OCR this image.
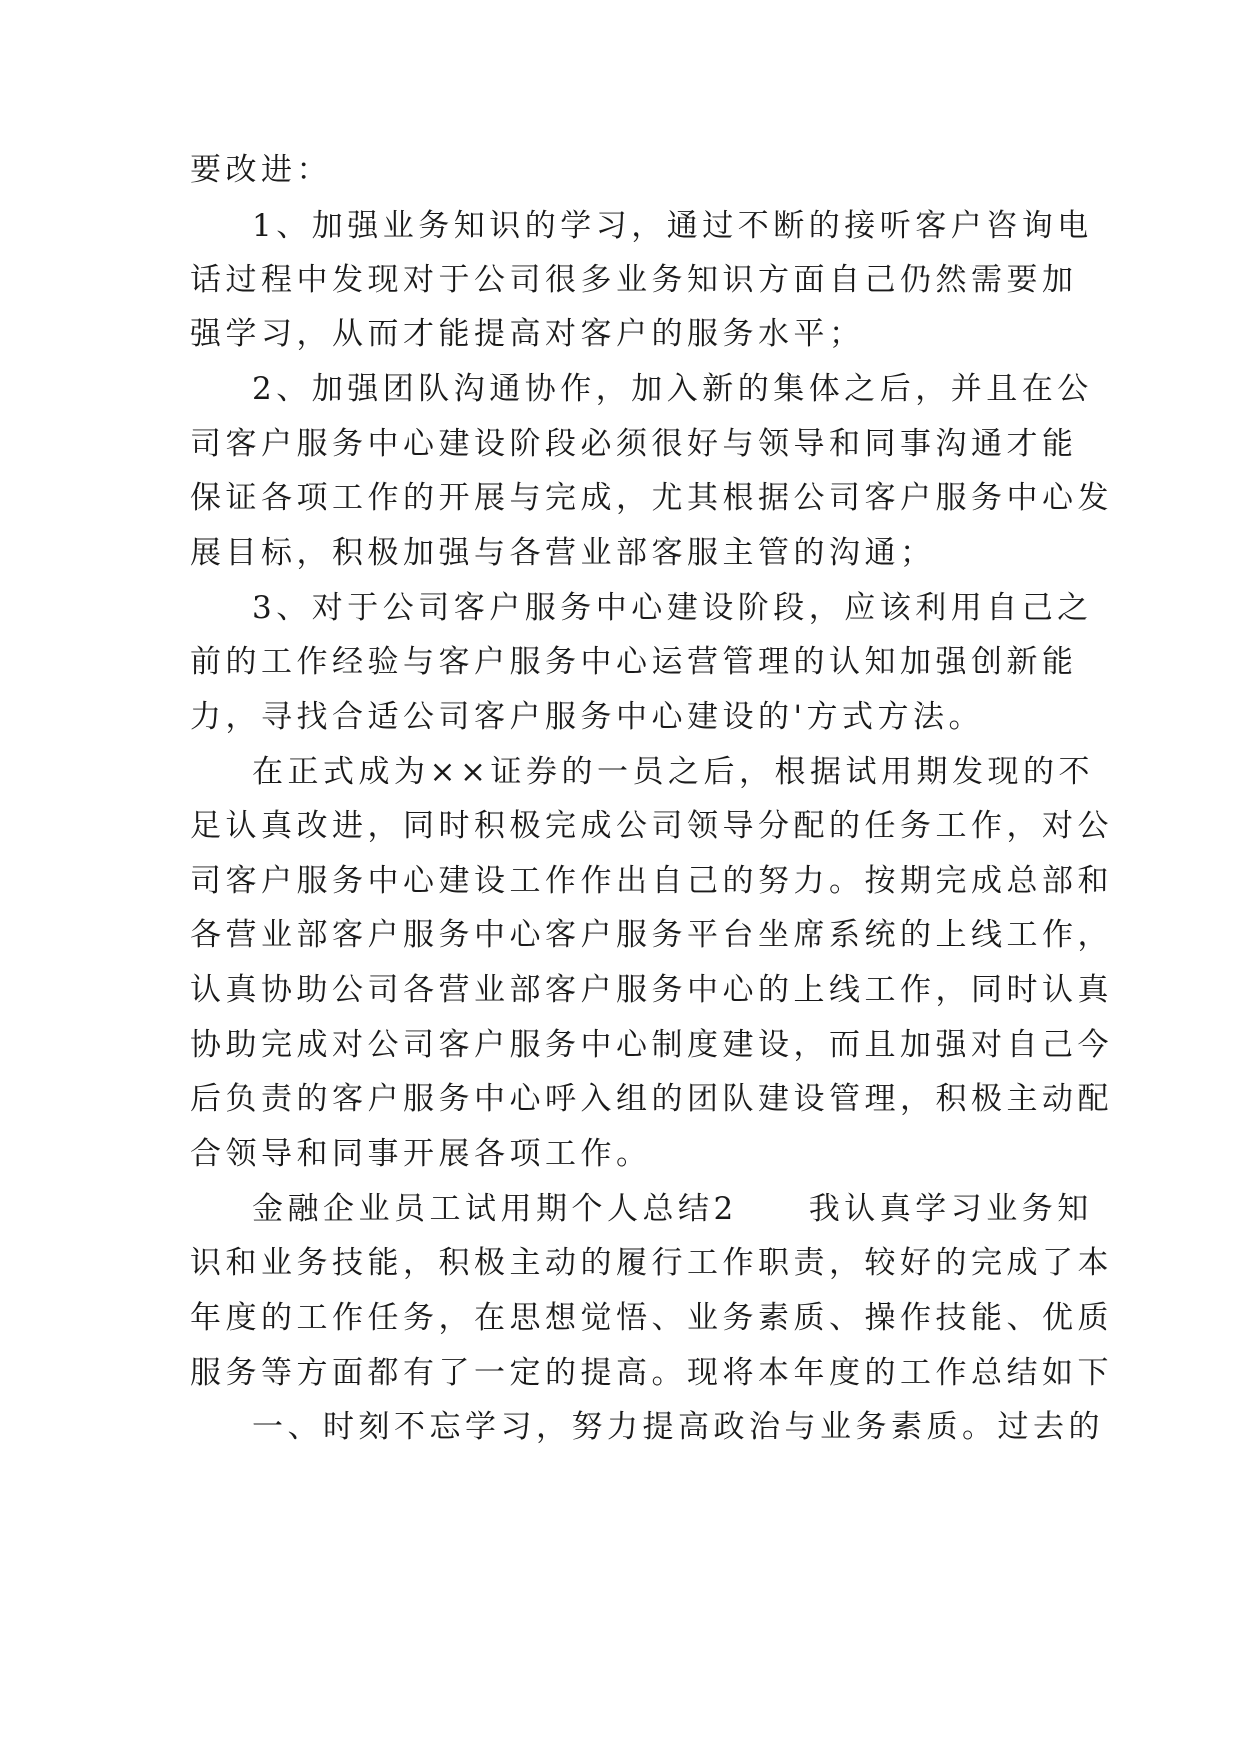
要改进：
1、加强业务知识的学习，通过不断的接听客户咨询电
话过程中发现对于公司很多业务知识方面自己仍然需要加
强学习，从而才能提高对客户的服务水平；
2、加强团队沟通协作，加入新的集体之后，并且在公
司客户服务中心建设阶段必须很好与领导和同事沟通才能
保证各项工作的开展与完成，尤其根据公司客户服务中心发
展目标，积极加强与各营业部客服主管的沟通；
3、对于公司客户服务中心建设阶段，应该利用自己之
前的工作经验与客户服务中心运营管理的认知加强创新能
力，寻找合适公司客户服务中心建设的'方式方法。
在正式成为××证券的一员之后，根据试用期发现的不
足认真改进，同时积极完成公司领导分配的任务工作，对公
司客户服务中心建设工作作出自己的努力。按期完成总部和
各营业部客户服务中心客户服务平台坐席系统的上线工作，
认真协助公司各营业部客户服务中心的上线工作，同时认真
协助完成对公司客户服务中心制度建设，而且加强对自己今
后负责的客户服务中心呼入组的团队建设管理，积极主动配
合领导和同事开展各项工作。
金融企业员工试用期个人总结2　　我认真学习业务知
识和业务技能，积极主动的履行工作职责，较好的完成了本
年度的工作任务，在思想觉悟、业务素质、操作技能、优质
服务等方面都有了一定的提高。现将本年度的工作总结如下
一、时刻不忘学习，努力提高政治与业务素质。过去的
